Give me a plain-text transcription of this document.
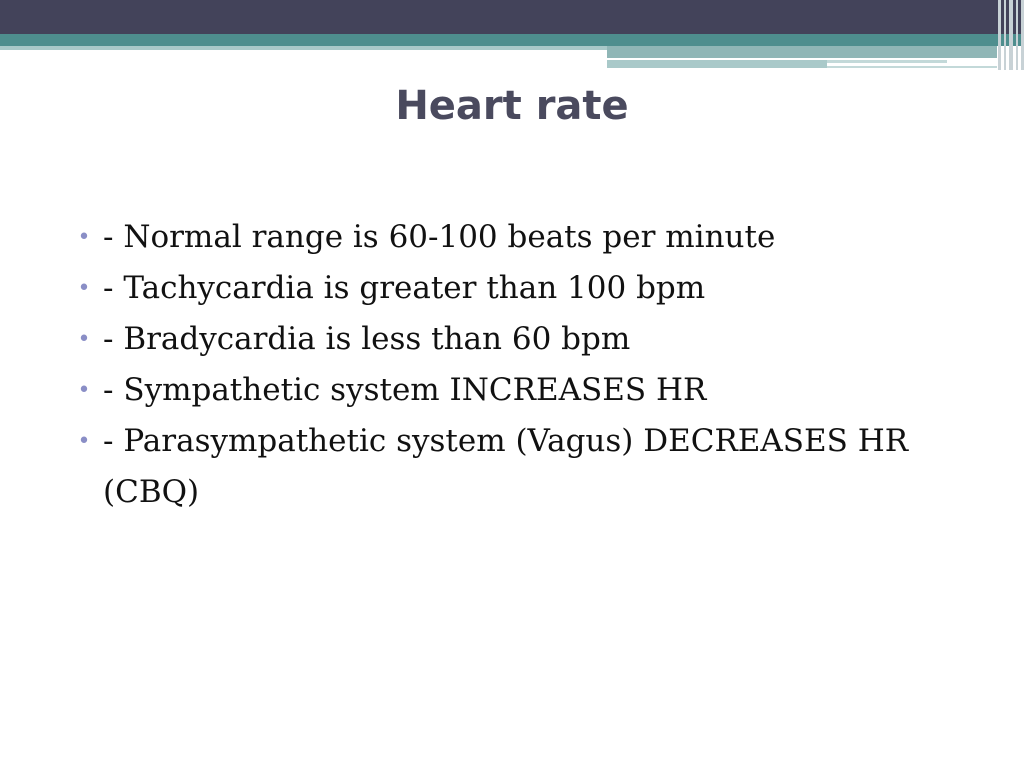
Heart rate
• - Normal range is 60-100 beats per minute
• - Tachycardia is greater than 100 bpm
• - Bradycardia is less than 60 bpm
• - Sympathetic system INCREASES HR
• - Parasympathetic system (Vagus) DECREASES HR (CBQ)
